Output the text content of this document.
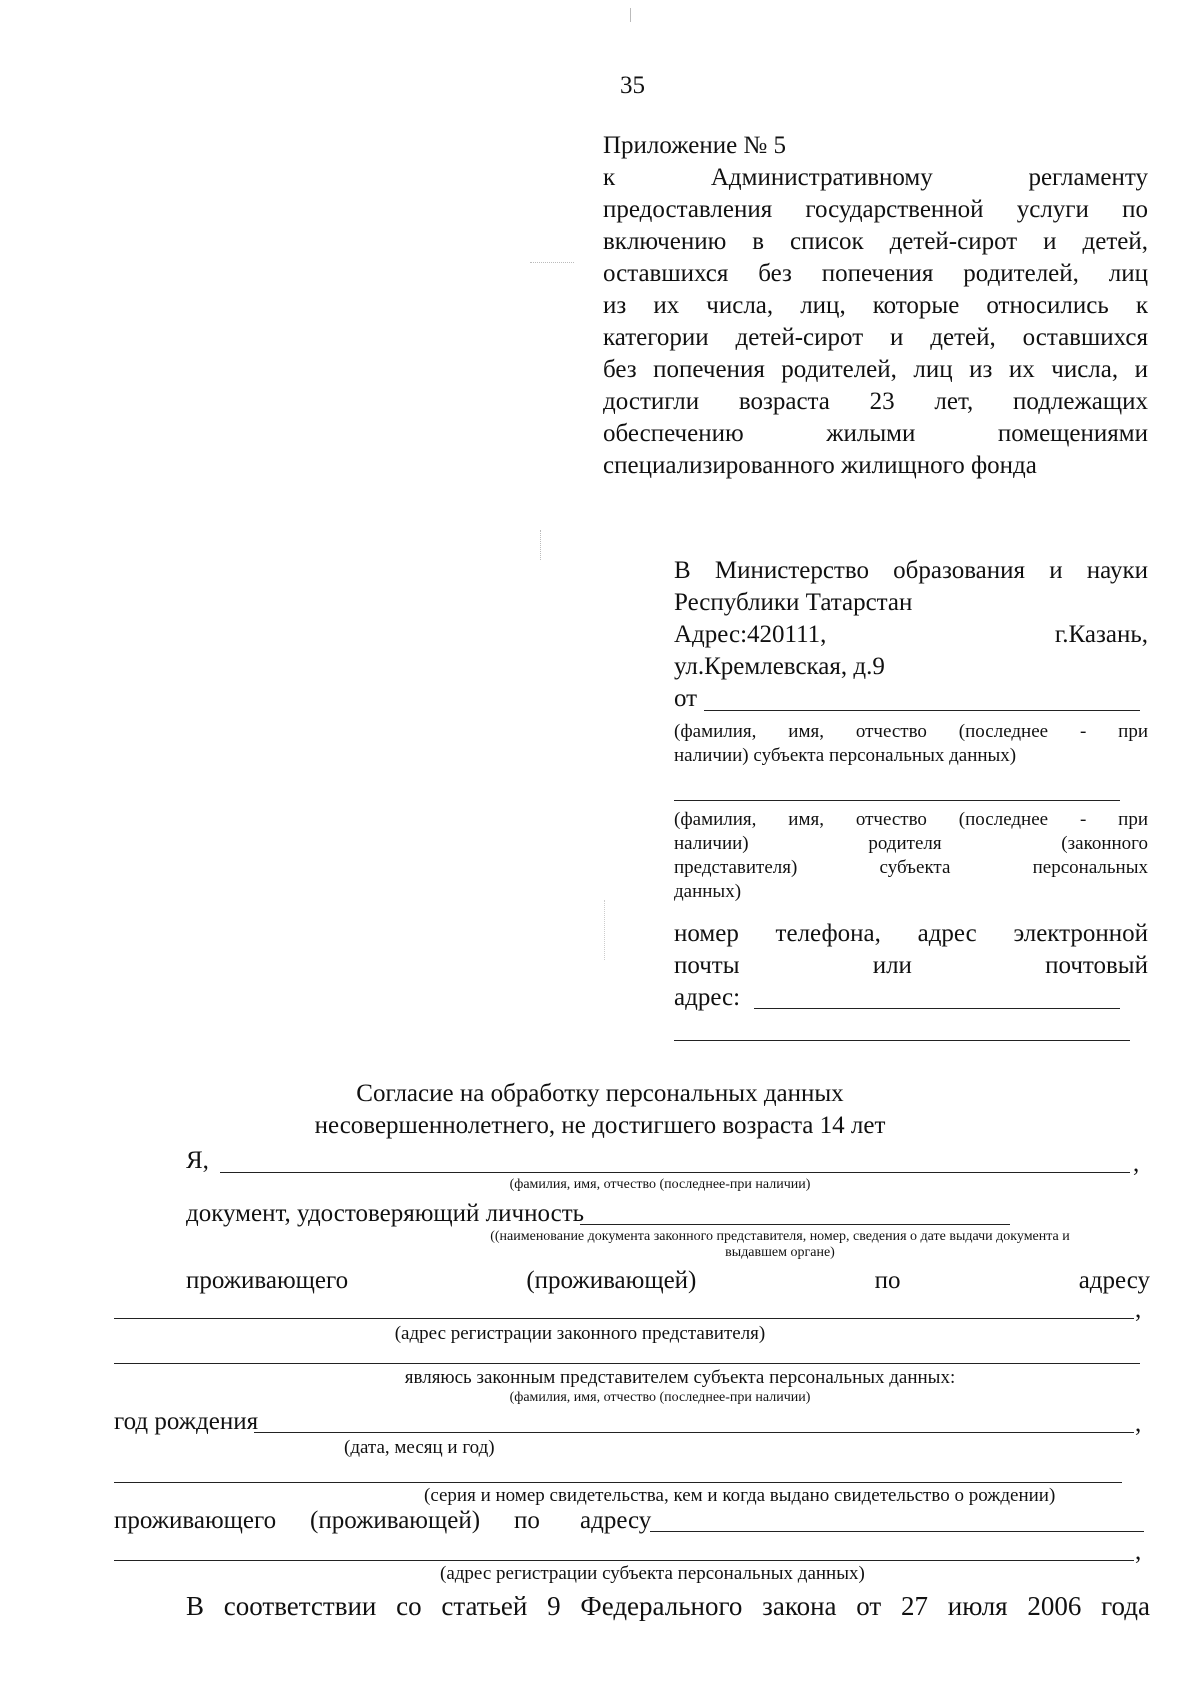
35
Приложение № 5
к Административному регламенту
предоставления государственной услуги по
включению в список детей-сирот и детей,
оставшихся без попечения родителей, лиц
из их числа, лиц, которые относились к
категории детей-сирот и детей, оставшихся
без попечения родителей, лиц из их числа, и
достигли возраста 23 лет, подлежащих
обеспечению жилыми помещениями
специализированного жилищного фонда
В Министерство образования и науки
Республики Татарстан
Адрес:420111,	г.Казань,
ул.Кремлевская, д.9
от
(фамилия, имя, отчество (последнее - при
наличии) субъекта персональных данных)
(фамилия, имя, отчество (последнее - при
наличии) родителя (законного
представителя) субъекта персональных
данных)
номер телефона, адрес электронной
почты или почтовый
адрес:
Согласие на обработку персональных данных
несовершеннолетнего, не достигшего возраста 14 лет
Я,	,
(фамилия, имя, отчество (последнее-при наличии)
документ, удостоверяющий личность
((наименование документа законного представителя, номер, сведения о дате выдачи документа и
выдавшем органе)
проживающего	(проживающей)	по	адресу
,
(адрес регистрации законного представителя)
являюсь законным представителем субъекта персональных данных:
(фамилия, имя, отчество (последнее-при наличии)
год рождения	,
(дата, месяц и год)
(серия и номер свидетельства, кем и когда выдано свидетельство о рождении)
проживающего (проживающей) по адресу
,
(адрес регистрации субъекта персональных данных)
В соответствии со статьей 9 Федерального закона от 27 июля 2006 года
